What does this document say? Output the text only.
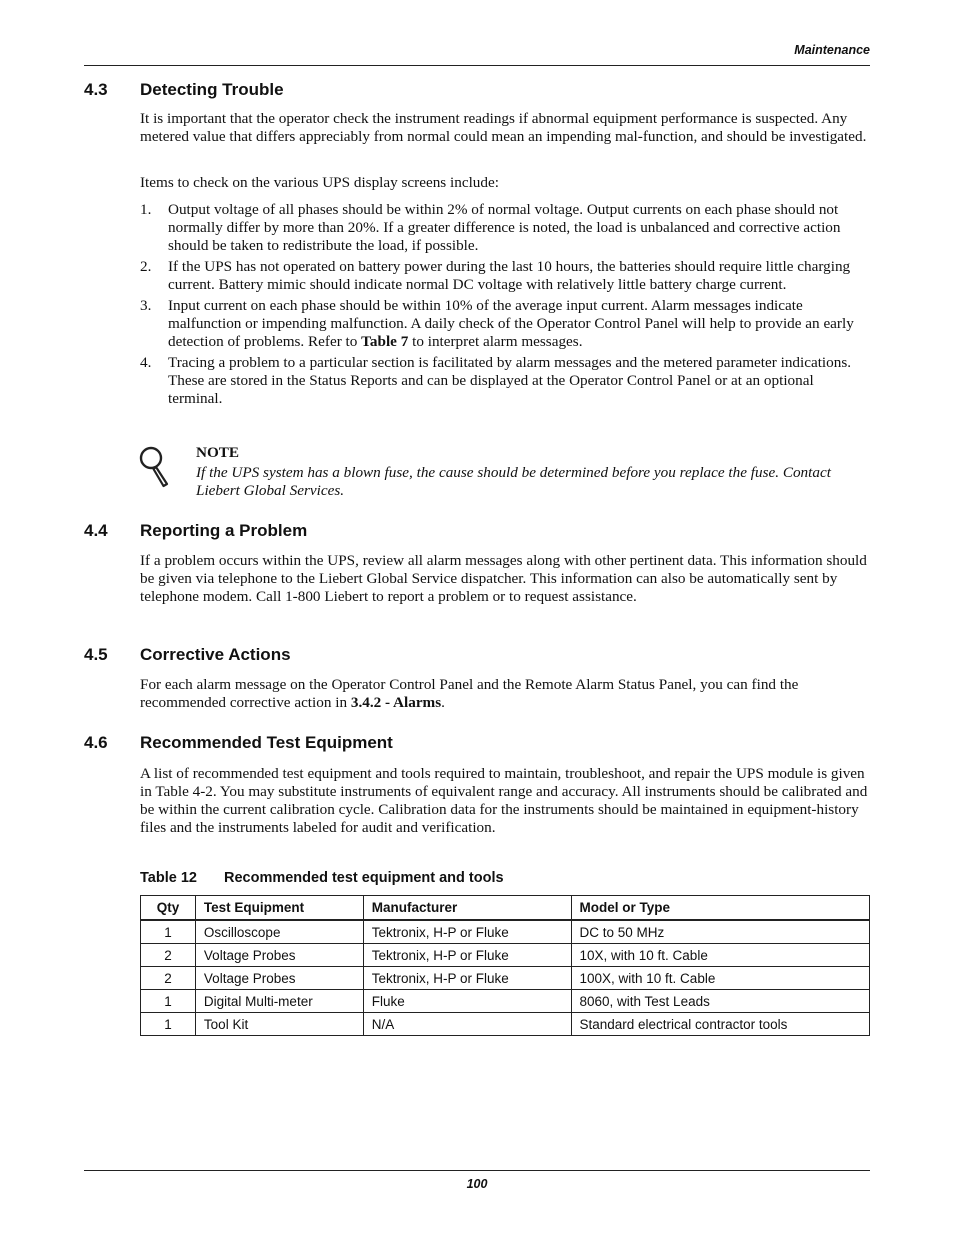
Maintenance
4.3 Detecting Trouble

It is important that the operator check the instrument readings if abnormal equipment performance is suspected. Any metered value that differs appreciably from normal could mean an impending mal-function, and should be investigated.

Items to check on the various UPS display screens include:

1. Output voltage of all phases should be within 2% of normal voltage. Output currents on each phase should not normally differ by more than 20%. If a greater difference is noted, the load is unbalanced and corrective action should be taken to redistribute the load, if possible.
2. If the UPS has not operated on battery power during the last 10 hours, the batteries should require little charging current. Battery mimic should indicate normal DC voltage with relatively little battery charge current.
3. Input current on each phase should be within 10% of the average input current. Alarm messages indicate malfunction or impending malfunction. A daily check of the Operator Control Panel will help to provide an early detection of problems. Refer to Table 7 to interpret alarm messages.
4. Tracing a problem to a particular section is facilitated by alarm messages and the metered parameter indications. These are stored in the Status Reports and can be displayed at the Operator Control Panel or at an optional terminal.
NOTE

If the UPS system has a blown fuse, the cause should be determined before you replace the fuse. Contact Liebert Global Services.

4.4 Reporting a Problem

If a problem occurs within the UPS, review all alarm messages along with other pertinent data. This information should be given via telephone to the Liebert Global Service dispatcher. This information can also be automatically sent by telephone modem. Call 1-800 Liebert to report a problem or to request assistance.

4.5 Corrective Actions

For each alarm message on the Operator Control Panel and the Remote Alarm Status Panel, you can find the recommended corrective action in 3.4.2 - Alarms.

4.6 Recommended Test Equipment

A list of recommended test equipment and tools required to maintain, troubleshoot, and repair the UPS module is given in Table 4-2. You may substitute instruments of equivalent range and accuracy. All instruments should be calibrated and be within the current calibration cycle. Calibration data for the instruments should be maintained in equipment-history files and the instruments labeled for audit and verification.

Table 12 Recommended test equipment and tools
Qty	Test Equipment	Manufacturer	Model or Type
1	Oscilloscope	Tektronix, H-P or Fluke	DC to 50 MHz
2	Voltage Probes	Tektronix, H-P or Fluke	10X, with 10 ft. Cable
2	Voltage Probes	Tektronix, H-P or Fluke	100X, with 10 ft. Cable
1	Digital Multi-meter	Fluke	8060, with Test Leads
1	Tool Kit	N/A	Standard electrical contractor tools
100
